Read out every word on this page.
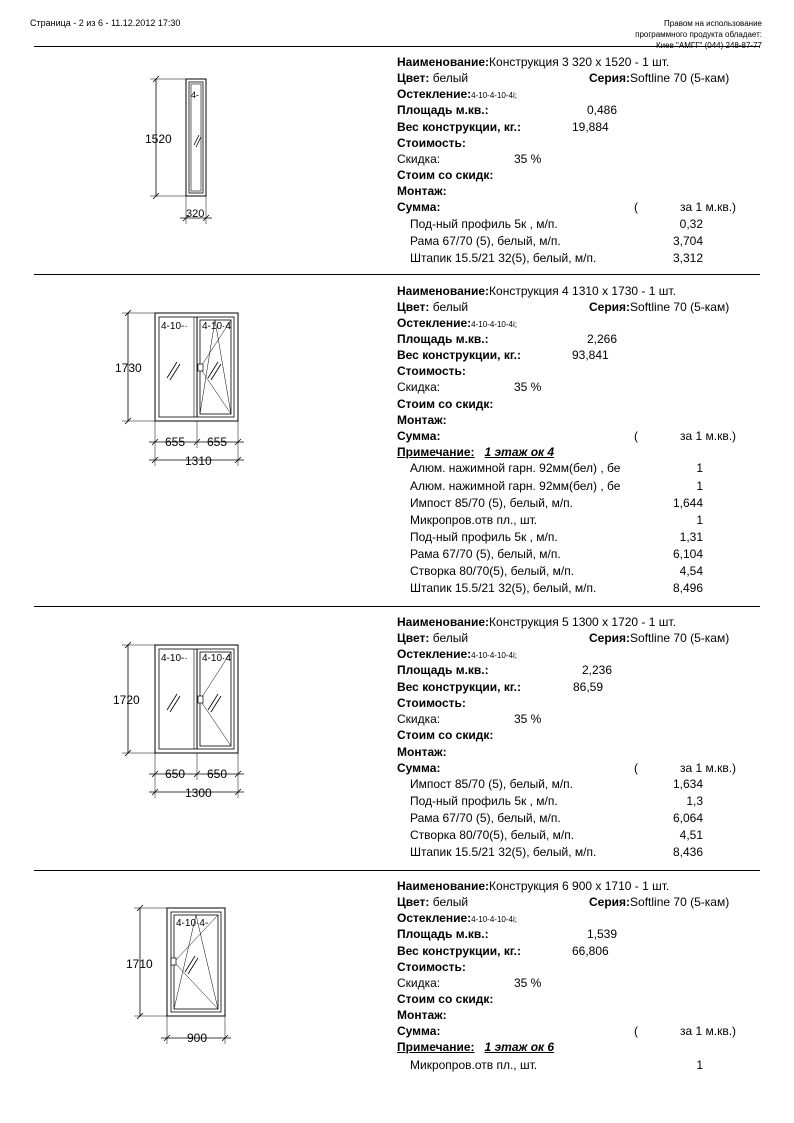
Страница - 2 из 6 - 11.12.2012 17:30	Правом на использование
программного продукта обладает:
Киев "АМГГ" (044) 248-87-77
4-
1520
320
Наименование:Конструкция 3 320 x 1520 - 1 шт.
Цвет: белый	Серия:Softline 70 (5-кам)
Остекление:4-10-4-10-4i;
Площадь м.кв.:	0,486
Вес конструкции, кг.:	19,884
Стоимость:
Скидка:	35 %
Стоим со скидк:
Монтаж:
Сумма:	(	за 1 м.кв.)
Под-ный профиль 5к , м/п.	0,32
Рама 67/70 (5), белый, м/п.	3,704
Штапик 15.5/21 32(5), белый, м/п.	3,312
4-10-· 4-10·4
1730
655 655
1310
Наименование:Конструкция 4 1310 x 1730 - 1 шт.
Цвет: белый	Серия:Softline 70 (5-кам)
Остекление:4-10-4-10-4i;
Площадь м.кв.:	2,266
Вес конструкции, кг.:	93,841
Стоимость:
Скидка:	35 %
Стоим со скидк:
Монтаж:
Сумма:	(	за 1 м.кв.)
Примечание: 1 этаж ок 4
Алюм. нажимной гарн. 92мм(бел) , бе	1
Алюм. нажимной гарн. 92мм(бел) , бе	1
Импост 85/70 (5), белый, м/п.	1,644
Микропров.отв пл., шт.	1
Под-ный профиль 5к , м/п.	1,31
Рама 67/70 (5), белый, м/п.	6,104
Створка 80/70(5), белый, м/п.	4,54
Штапик 15.5/21 32(5), белый, м/п.	8,496
4-10-· 4-10·4
1720
650 650
1300
Наименование:Конструкция 5 1300 x 1720 - 1 шт.
Цвет: белый	Серия:Softline 70 (5-кам)
Остекление:4-10-4-10-4i;
Площадь м.кв.:	2,236
Вес конструкции, кг.:	86,59
Стоимость:
Скидка:	35 %
Стоим со скидк:
Монтаж:
Сумма:	(	за 1 м.кв.)
Импост 85/70 (5), белый, м/п.	1,634
Под-ный профиль 5к , м/п.	1,3
Рама 67/70 (5), белый, м/п.	6,064
Створка 80/70(5), белый, м/п.	4,51
Штапик 15.5/21 32(5), белый, м/п.	8,436
4-10·4-
1710
900
Наименование:Конструкция 6 900 x 1710 - 1 шт.
Цвет: белый	Серия:Softline 70 (5-кам)
Остекление:4-10-4-10-4i;
Площадь м.кв.:	1,539
Вес конструкции, кг.:	66,806
Стоимость:
Скидка:	35 %
Стоим со скидк:
Монтаж:
Сумма:	(	за 1 м.кв.)
Примечание: 1 этаж ок 6
Микропров.отв пл., шт.	1
